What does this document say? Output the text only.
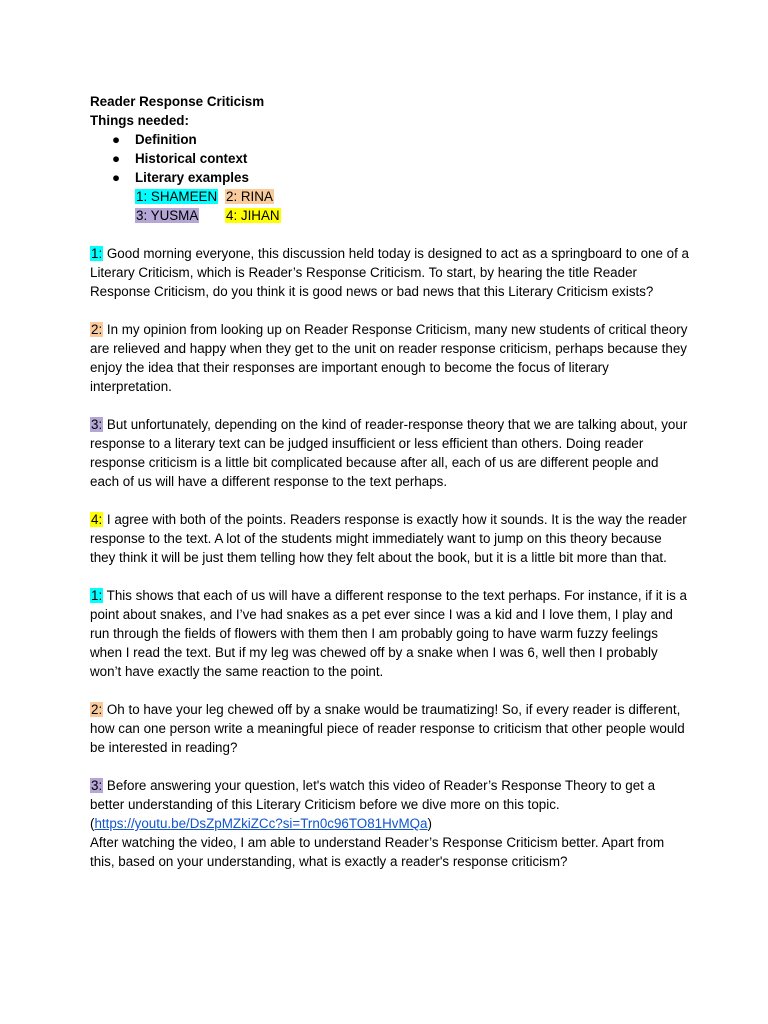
Reader Response Criticism
Things needed:
● Definition
● Historical context
● Literary examples
1: SHAMEEN 2: RINA
3: YUSMA	4: JIHAN

1: Good morning everyone, this discussion held today is designed to act as a springboard to one of a Literary Criticism, which is Reader’s Response Criticism. To start, by hearing the title Reader Response Criticism, do you think it is good news or bad news that this Literary Criticism exists?

2: In my opinion from looking up on Reader Response Criticism, many new students of critical theory are relieved and happy when they get to the unit on reader response criticism, perhaps because they enjoy the idea that their responses are important enough to become the focus of literary interpretation.

3: But unfortunately, depending on the kind of reader-response theory that we are talking about, your response to a literary text can be judged insufficient or less efficient than others. Doing reader response criticism is a little bit complicated because after all, each of us are different people and each of us will have a different response to the text perhaps.

4: I agree with both of the points. Readers response is exactly how it sounds. It is the way the reader response to the text. A lot of the students might immediately want to jump on this theory because they think it will be just them telling how they felt about the book, but it is a little bit more than that.

1: This shows that each of us will have a different response to the text perhaps. For instance, if it is a point about snakes, and I’ve had snakes as a pet ever since I was a kid and I love them, I play and run through the fields of flowers with them then I am probably going to have warm fuzzy feelings when I read the text. But if my leg was chewed off by a snake when I was 6, well then I probably won’t have exactly the same reaction to the point.

2: Oh to have your leg chewed off by a snake would be traumatizing! So, if every reader is different, how can one person write a meaningful piece of reader response to criticism that other people would be interested in reading?

3: Before answering your question, let's watch this video of Reader’s Response Theory to get a better understanding of this Literary Criticism before we dive more on this topic.
(https://youtu.be/DsZpMZkiZCc?si=Trn0c96TO81HvMQa)
After watching the video, I am able to understand Reader’s Response Criticism better. Apart from this, based on your understanding, what is exactly a reader's response criticism?
